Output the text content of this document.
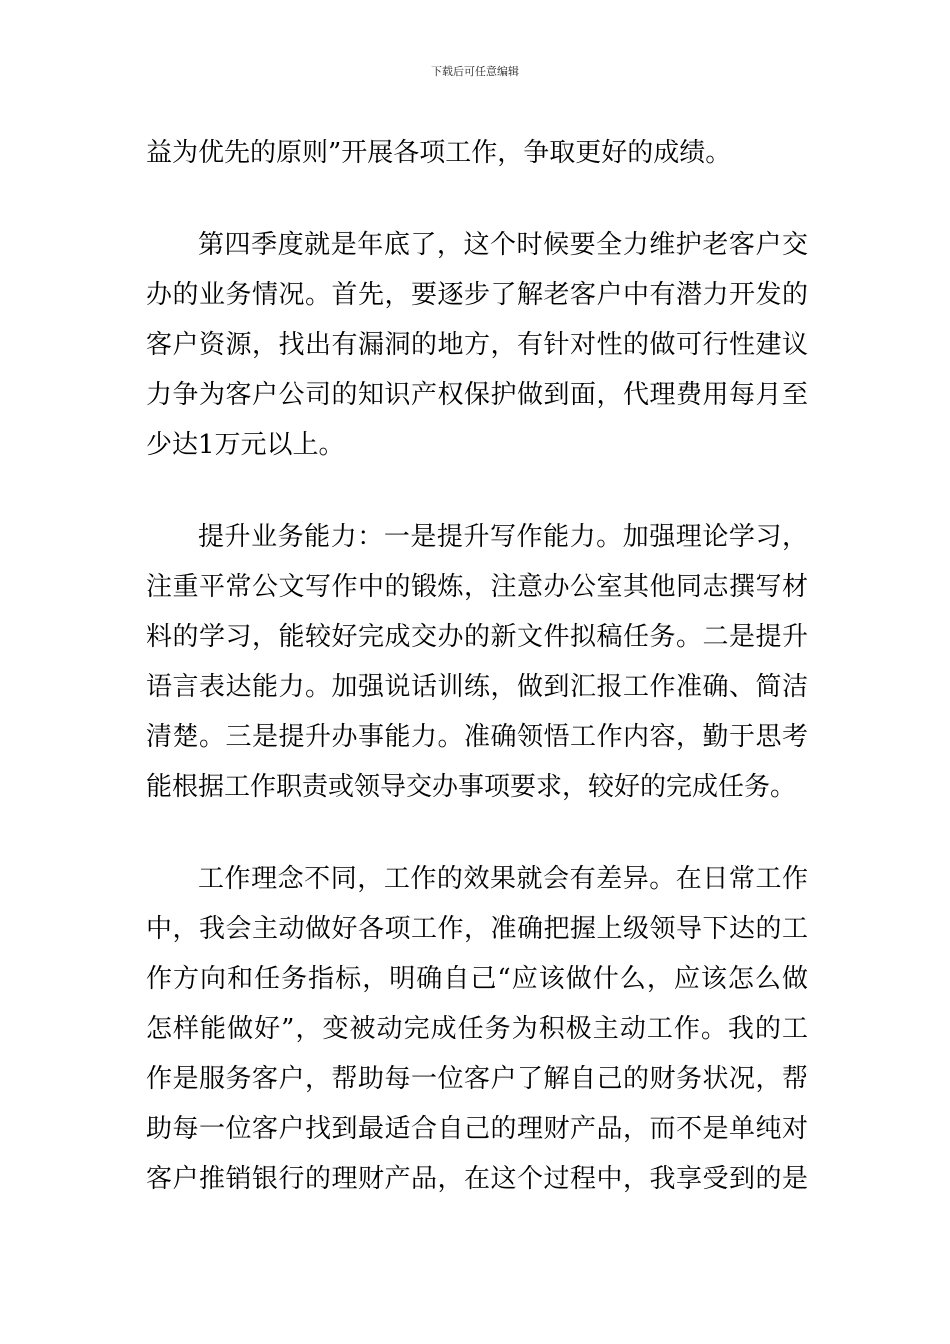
下载后可任意编辑
益为优先的原则”开展各项工作，争取更好的成绩。
第四季度就是年底了，这个时候要全力维护老客户交
办的业务情况。首先，要逐步了解老客户中有潜力开发的
客户资源，找出有漏洞的地方，有针对性的做可行性建议
力争为客户公司的知识产权保护做到面，代理费用每月至
少达1万元以上。
提升业务能力：一是提升写作能力。加强理论学习，
注重平常公文写作中的锻炼，注意办公室其他同志撰写材
料的学习，能较好完成交办的新文件拟稿任务。二是提升
语言表达能力。加强说话训练，做到汇报工作准确、简洁
清楚。三是提升办事能力。准确领悟工作内容，勤于思考
能根据工作职责或领导交办事项要求，较好的完成任务。
工作理念不同，工作的效果就会有差异。在日常工作
中，我会主动做好各项工作，准确把握上级领导下达的工
作方向和任务指标，明确自己“应该做什么，应该怎么做
怎样能做好”，变被动完成任务为积极主动工作。我的工
作是服务客户，帮助每一位客户了解自己的财务状况，帮
助每一位客户找到最适合自己的理财产品，而不是单纯对
客户推销银行的理财产品，在这个过程中，我享受到的是
